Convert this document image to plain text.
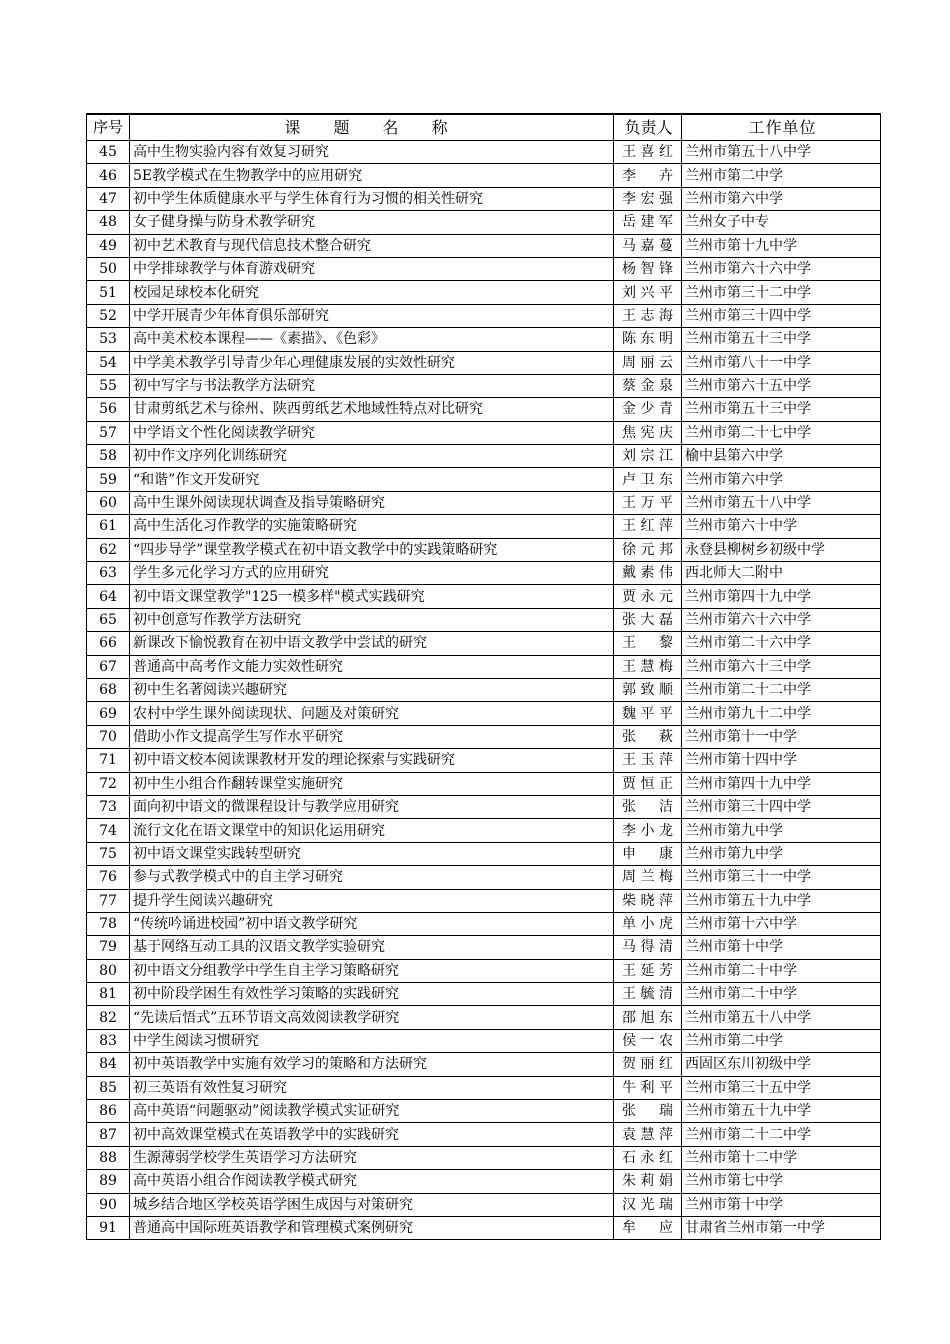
序号	课 题 名 称	负责人	工作单位
45	高中生物实验内容有效复习研究	王喜红	兰州市第五十八中学
46	5E教学模式在生物教学中的应用研究	李 卉	兰州市第二中学
47	初中学生体质健康水平与学生体育行为习惯的相关性研究	李宏强	兰州市第六中学
48	女子健身操与防身术教学研究	岳建军	兰州女子中专
49	初中艺术教育与现代信息技术整合研究	马嘉蔓	兰州市第十九中学
50	中学排球教学与体育游戏研究	杨智锋	兰州市第六十六中学
51	校园足球校本化研究	刘兴平	兰州市第三十二中学
52	中学开展青少年体育俱乐部研究	王志海	兰州市第三十四中学
53	高中美术校本课程——《素描》、《色彩》	陈东明	兰州市第五十三中学
54	中学美术教学引导青少年心理健康发展的实效性研究	周丽云	兰州市第八十一中学
55	初中写字与书法教学方法研究	蔡金泉	兰州市第六十五中学
56	甘肃剪纸艺术与徐州、陕西剪纸艺术地域性特点对比研究	金少青	兰州市第五十三中学
57	中学语文个性化阅读教学研究	焦宪庆	兰州市第二十七中学
58	初中作文序列化训练研究	刘宗江	榆中县第六中学
59	“和谐”作文开发研究	卢卫东	兰州市第六中学
60	高中生课外阅读现状调查及指导策略研究	王万平	兰州市第五十八中学
61	高中生活化习作教学的实施策略研究	王红萍	兰州市第六十中学
62	“四步导学”课堂教学模式在初中语文教学中的实践策略研究	徐元邦	永登县柳树乡初级中学
63	学生多元化学习方式的应用研究	戴素伟	西北师大二附中
64	初中语文课堂教学"125一模多样"模式实践研究	贾永元	兰州市第四十九中学
65	初中创意写作教学方法研究	张大磊	兰州市第六十六中学
66	新课改下愉悦教育在初中语文教学中尝试的研究	王 黎	兰州市第二十六中学
67	普通高中高考作文能力实效性研究	王慧梅	兰州市第六十三中学
68	初中生名著阅读兴趣研究	郭致顺	兰州市第二十二中学
69	农村中学生课外阅读现状、问题及对策研究	魏平平	兰州市第九十二中学
70	借助小作文提高学生写作水平研究	张 萩	兰州市第十一中学
71	初中语文校本阅读课教材开发的理论探索与实践研究	王玉萍	兰州市第十四中学
72	初中生小组合作翻转课堂实施研究	贾恒正	兰州市第四十九中学
73	面向初中语文的微课程设计与教学应用研究	张 洁	兰州市第三十四中学
74	流行文化在语文课堂中的知识化运用研究	李小龙	兰州市第九中学
75	初中语文课堂实践转型研究	申 康	兰州市第九中学
76	参与式教学模式中的自主学习研究	周兰梅	兰州市第三十一中学
77	提升学生阅读兴趣研究	柴晓萍	兰州市第五十九中学
78	“传统吟诵进校园”初中语文教学研究	单小虎	兰州市第十六中学
79	基于网络互动工具的汉语文教学实验研究	马得清	兰州市第十中学
80	初中语文分组教学中学生自主学习策略研究	王延芳	兰州市第二十中学
81	初中阶段学困生有效性学习策略的实践研究	王毓清	兰州市第二十中学
82	“先读后悟式”五环节语文高效阅读教学研究	邵旭东	兰州市第五十八中学
83	中学生阅读习惯研究	侯一农	兰州市第二中学
84	初中英语教学中实施有效学习的策略和方法研究	贺丽红	西固区东川初级中学
85	初三英语有效性复习研究	牛利平	兰州市第三十五中学
86	高中英语“问题驱动”阅读教学模式实证研究	张 瑞	兰州市第五十九中学
87	初中高效课堂模式在英语教学中的实践研究	袁慧萍	兰州市第二十二中学
88	生源薄弱学校学生英语学习方法研究	石永红	兰州市第十二中学
89	高中英语小组合作阅读教学模式研究	朱莉娟	兰州市第七中学
90	城乡结合地区学校英语学困生成因与对策研究	汉光瑞	兰州市第十中学
91	普通高中国际班英语教学和管理模式案例研究	牟 应	甘肃省兰州市第一中学
